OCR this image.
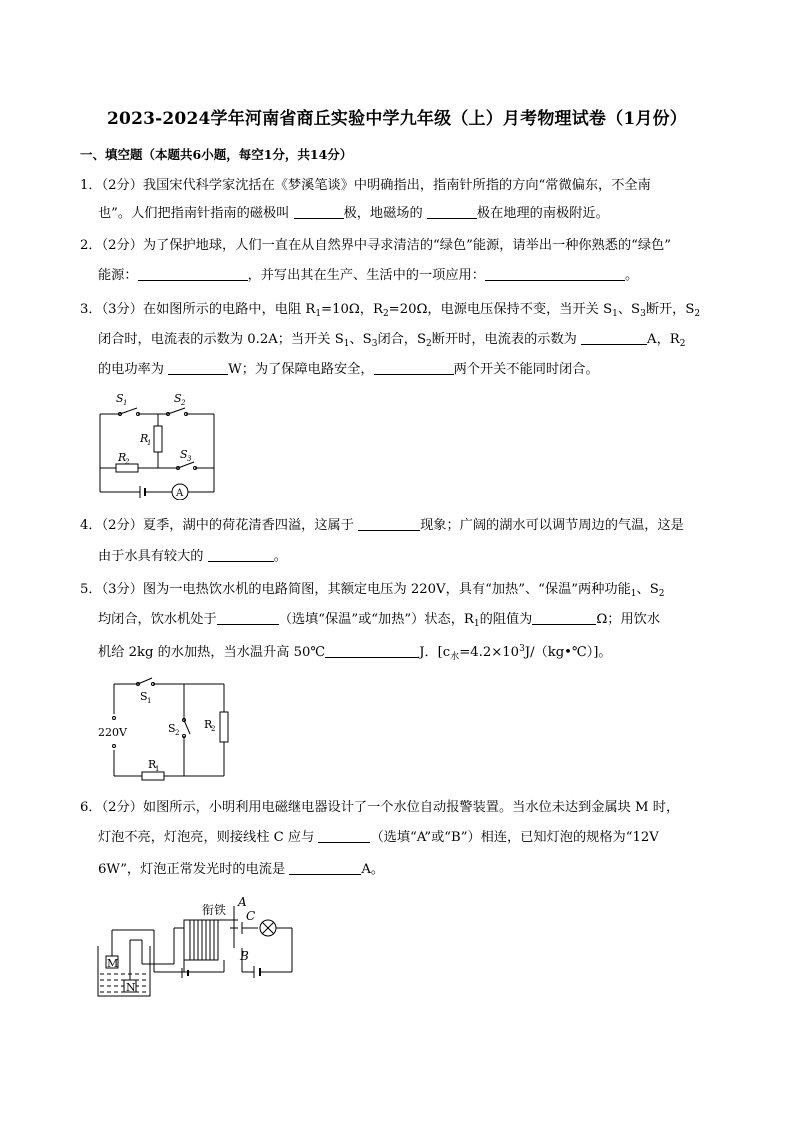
2023-2024学年河南省商丘实验中学九年级（上）月考物理试卷（1月份）
一、填空题（本题共6小题，每空1分，共14分）
1．（2分）我国宋代科学家沈括在《梦溪笔谈》中明确指出，指南针所指的方向“常微偏东，不全南
也”。人们把指南针指南的磁极叫	极，地磁场的	极在地理的南极附近。
2．（2分）为了保护地球，人们一直在从自然界中寻求清洁的“绿色”能源，请举出一种你熟悉的“绿色”
能源：	，并写出其在生产、生活中的一项应用：	。
3．（3分）在如图所示的电路中，电阻 $R_1=10\Omega$，$R_2=20\Omega$，电源电压保持不变，当开关 $S_1$、$S_3$断开，$S_2$
闭合时，电流表的示数为 0.2A；当开关 $S_1$、$S_3$闭合，$S_2$断开时，电流表的示数为	A，$R_2$
的电功率为	W；为了保障电路安全，	两个开关不能同时闭合。
S 1	S 2
R
1
R
2
S 3
A
4．（2分）夏季，湖中的荷花清香四溢，这属于	现象；广阔的湖水可以调节周边的气温，这是
由于水具有较大的	。
5．（3分）图为一电热饮水机的电路简图，其额定电压为 220V，具有“加热”、“保温”两种功能$_1$、$S_2$
均闭合，饮水机处于	（选填“保温”或“加热”）状态，$R_1$的阻值为	Ω；用饮水
机给 2kg 的水加热，当水温升高 50℃	J．$[c_水=4.2\times 10^3J/(kg•℃)]$。
S 1
220V	S 2
R
2
R
1
6．（2分）如图所示，小明利用电磁继电器设计了一个水位自动报警装置。当水位未达到金属块 M 时，
灯泡不亮，灯泡亮，则接线柱 C 应与	（选填“A”或“B”）相连，已知灯泡的规格为“12V
6W”，灯泡正常发光时的电流是	A。
衔铁
A
C
B
M
N
